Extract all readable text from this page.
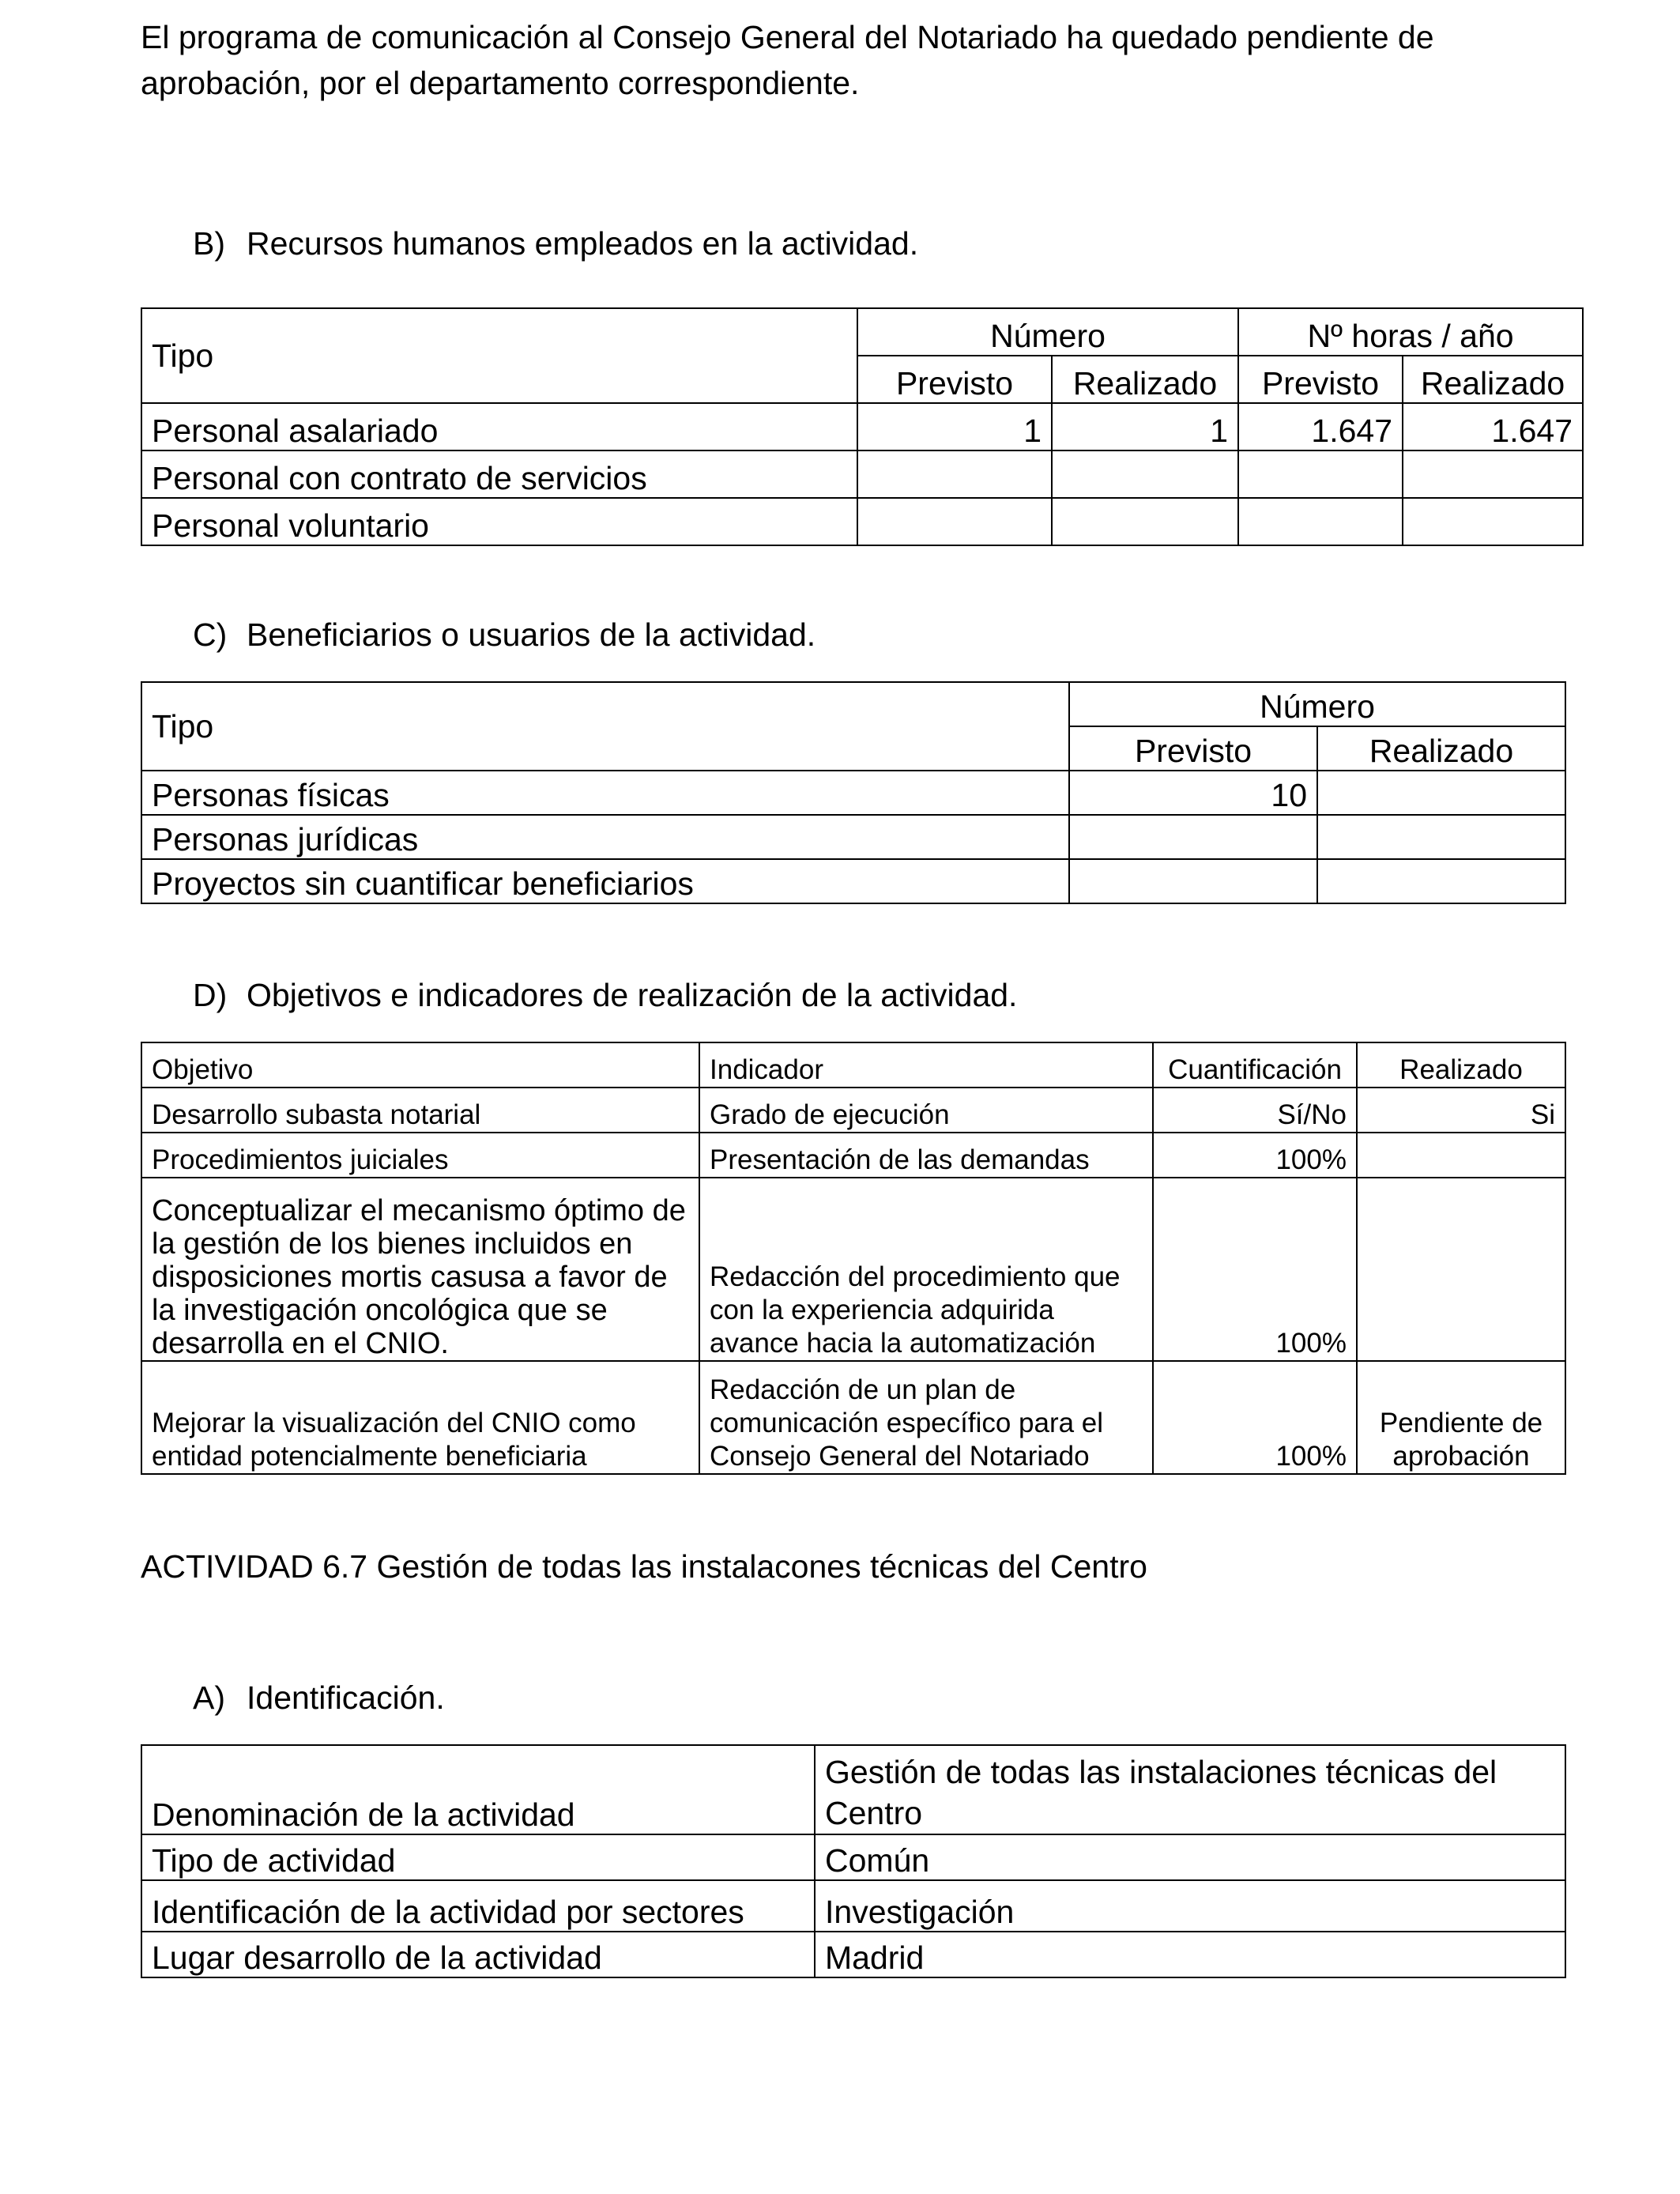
El programa de comunicación al Consejo General del Notariado ha quedado pendiente de aprobación, por el departamento correspondiente.
B) Recursos humanos empleados en la actividad.
Tipo	Número		Nº horas / año	
	Previsto	Realizado	Previsto	Realizado
Personal asalariado	1	1	1.647	1.647
Personal con contrato de servicios				
Personal voluntario				
C) Beneficiarios o usuarios de la actividad.
Tipo	Número	
	Previsto	Realizado
Personas físicas	10	
Personas jurídicas		
Proyectos sin cuantificar beneficiarios		
D) Objetivos e indicadores de realización de la actividad.
Objetivo	Indicador	Cuantificación	Realizado
Desarrollo subasta notarial	Grado de ejecución	Sí/No	Si
Procedimientos juiciales	Presentación de las demandas	100%	
Conceptualizar el mecanismo óptimo de la gestión de los bienes incluidos en disposiciones mortis casusa a favor de la investigación oncológica que se desarrolla en el CNIO.	Redacción del procedimiento que con la experiencia adquirida avance hacia la automatización	100%	
Mejorar la visualización del CNIO como entidad potencialmente beneficiaria	Redacción de un plan de comunicación específico para el Consejo General del Notariado	100%	Pendiente de aprobación
ACTIVIDAD 6.7 Gestión de todas las instalacones técnicas del Centro
A) Identificación.
Denominación de la actividad	Gestión de todas las instalaciones técnicas del Centro
Tipo de actividad	Común
Identificación de la actividad por sectores	Investigación
Lugar desarrollo de la actividad	Madrid
